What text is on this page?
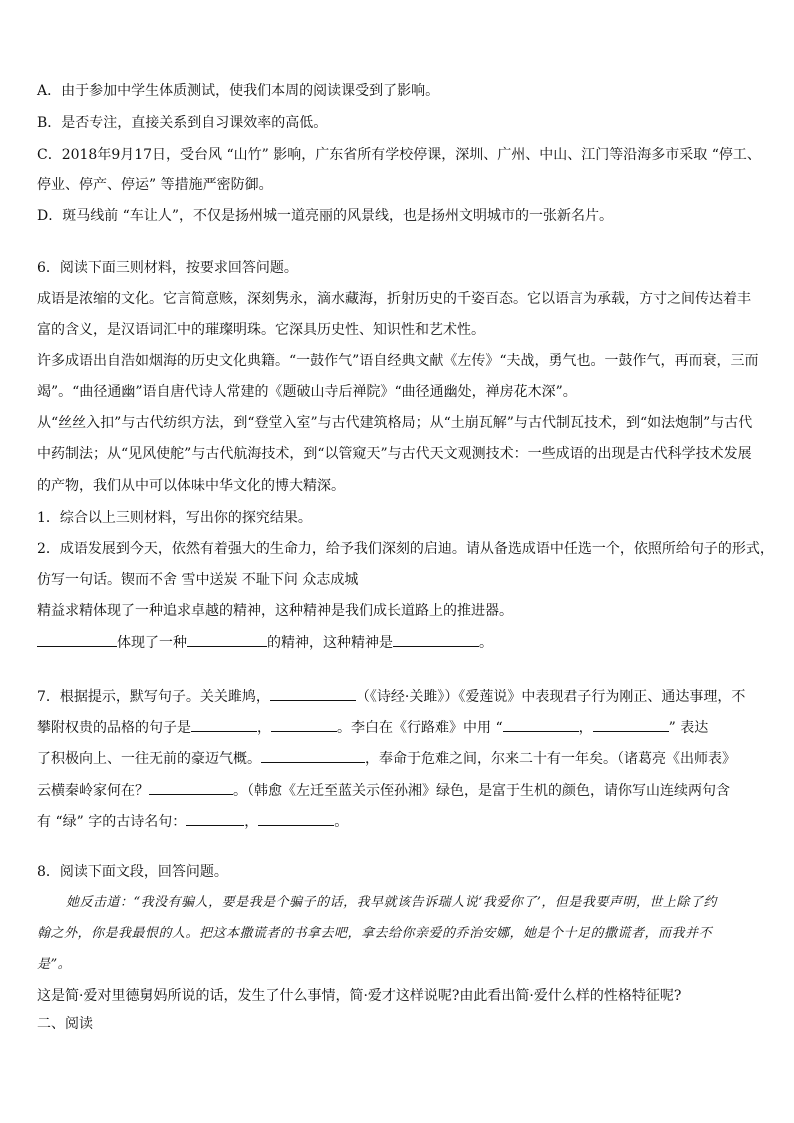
A．由于参加中学生体质测试，使我们本周的阅读课受到了影响。

B．是否专注，直接关系到自习课效率的高低。

C．2018年9月17日，受台风 “山竹” 影响，广东省所有学校停课，深圳、广州、中山、江门等沿海多市采取 “停工、

停业、停产、停运” 等措施严密防御。

D．斑马线前 “车让人”，不仅是扬州城一道亮丽的风景线，也是扬州文明城市的一张新名片。

6．阅读下面三则材料，按要求回答问题。

成语是浓缩的文化。它言简意赅，深刻隽永，滴水藏海，折射历史的千姿百态。它以语言为承载，方寸之间传达着丰

富的含义，是汉语词汇中的璀璨明珠。它深具历史性、知识性和艺术性。

许多成语出自浩如烟海的历史文化典籍。“一鼓作气”语自经典文献《左传》“夫战，勇气也。一鼓作气，再而衰，三而

竭”。“曲径通幽”语自唐代诗人常建的《题破山寺后禅院》“曲径通幽处，禅房花木深”。

从“丝丝入扣”与古代纺织方法，到“登堂入室”与古代建筑格局；从“土崩瓦解”与古代制瓦技术，到“如法炮制”与古代

中药制法；从“见风使舵”与古代航海技术，到“以管窥天”与古代天文观测技术：一些成语的出现是古代科学技术发展

的产物，我们从中可以体味中华文化的博大精深。

1．综合以上三则材料，写出你的探究结果。

2．成语发展到今天，依然有着强大的生命力，给予我们深刻的启迪。请从备选成语中任选一个，依照所给句子的形式，

仿写一句话。锲而不舍 雪中送炭 不耻下问 众志成城

精益求精体现了一种追求卓越的精神，这种精神是我们成长道路上的推进器。

体现了一种	的精神，这种精神是	。

7．根据提示，默写句子。关关雎鸠，	（《诗经·关雎》）《爱莲说》中表现君子行为刚正、通达事理，不

攀附权贵的品格的句子是	，	。李白在《行路难》中用 “	，	” 表达

了积极向上、一往无前的豪迈气概。	，奉命于危难之间，尔来二十有一年矣。（诸葛亮《出师表》

云横秦岭家何在？	。（韩愈《左迁至蓝关示侄孙湘》绿色，是富于生机的颜色，请你写山连续两句含

有 “绿” 字的古诗名句：	，	。

8．阅读下面文段，回答问题。

她反击道：“我没有骗人，要是我是个骗子的话，我早就该告诉瑞人说‘我爱你了’，但是我要声明，世上除了约

翰之外，你是我最恨的人。把这本撒谎者的书拿去吧，拿去给你亲爱的乔治安娜，她是个十足的撒谎者，而我并不

是”。

这是简·爱对里德舅妈所说的话，发生了什么事情，简·爱才这样说呢?由此看出简·爱什么样的性格特征呢?

二、阅读
